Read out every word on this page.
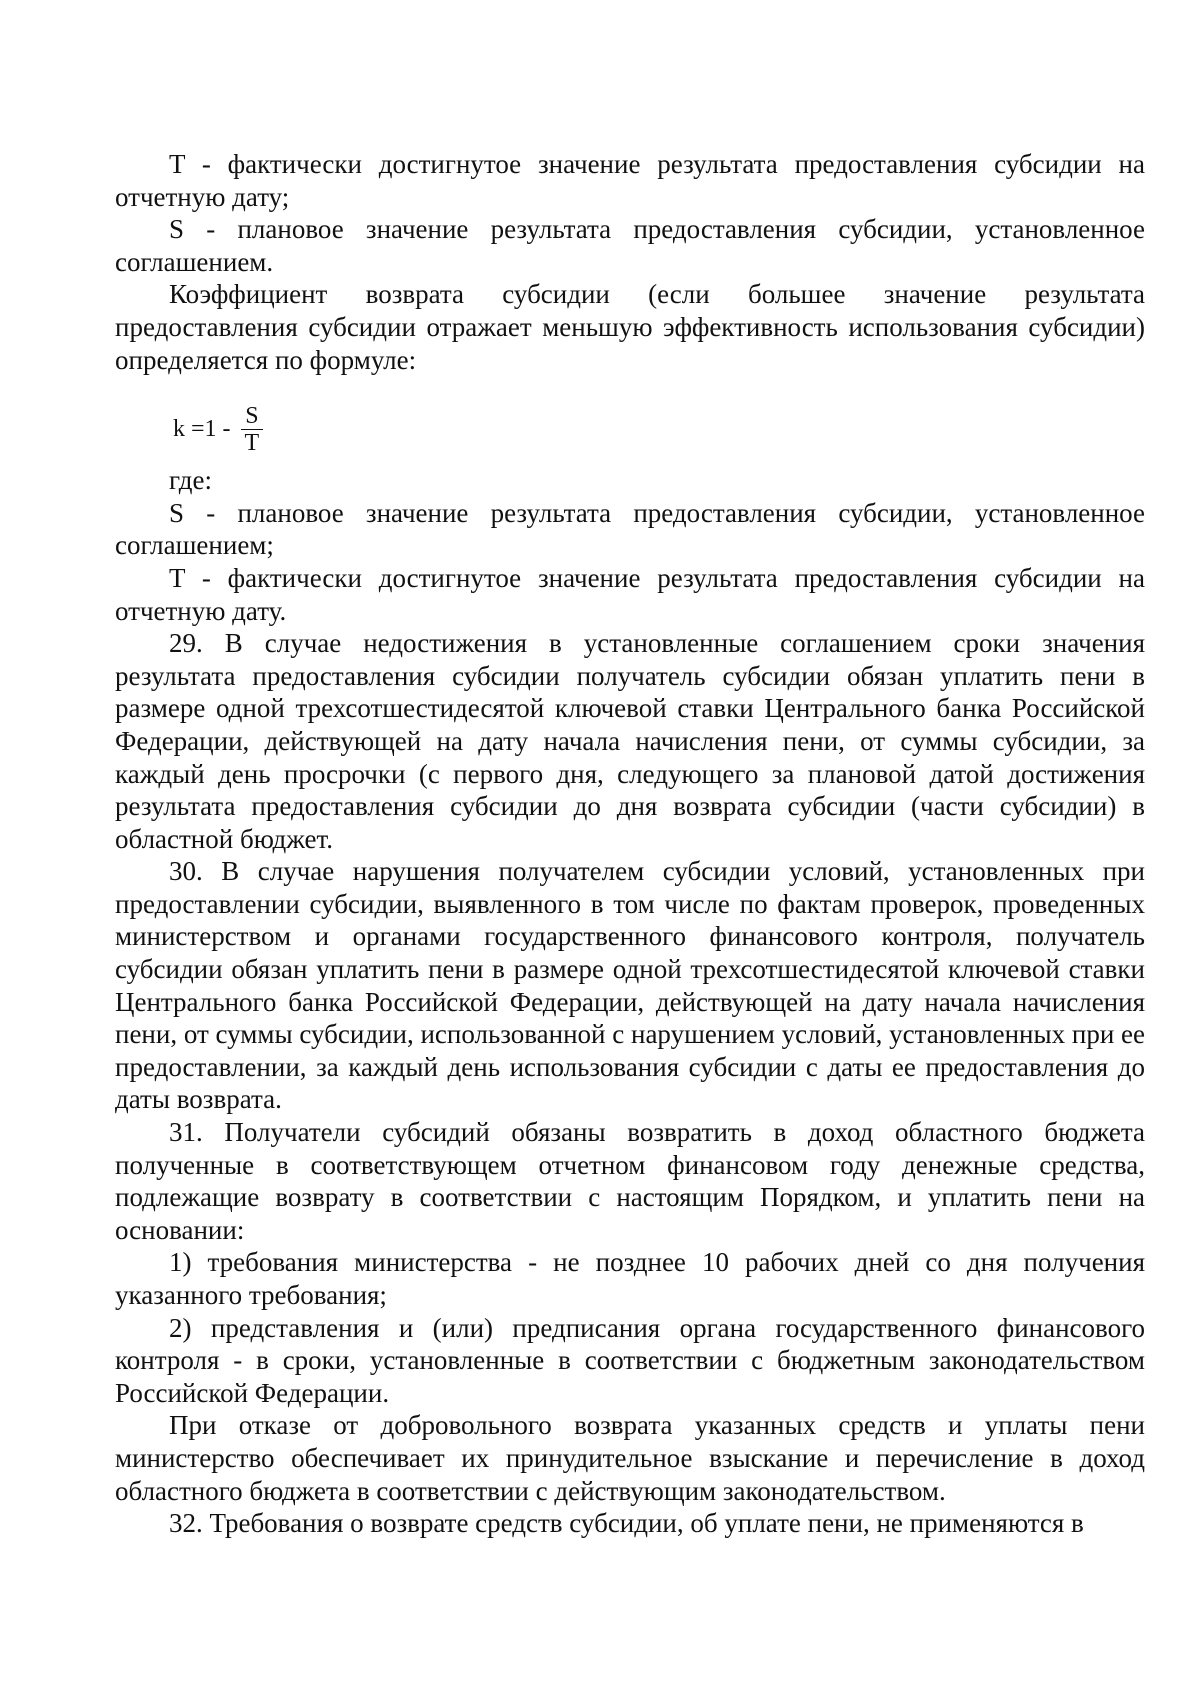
T - фактически достигнутое значение результата предоставления субсидии на отчетную дату;

S - плановое значение результата предоставления субсидии, установленное соглашением.

Коэффициент возврата субсидии (если большее значение результата предоставления субсидии отражает меньшую эффективность использования субсидии) определяется по формуле:

$k =1 - \frac{S}{T}$

где:

S - плановое значение результата предоставления субсидии, установленное соглашением;

T - фактически достигнутое значение результата предоставления субсидии на отчетную дату.

29. В случае недостижения в установленные соглашением сроки значения результата предоставления субсидии получатель субсидии обязан уплатить пени в размере одной трехсотшестидесятой ключевой ставки Центрального банка Российской Федерации, действующей на дату начала начисления пени, от суммы субсидии, за каждый день просрочки (с первого дня, следующего за плановой датой достижения результата предоставления субсидии до дня возврата субсидии (части субсидии) в областной бюджет.

30. В случае нарушения получателем субсидии условий, установленных при предоставлении субсидии, выявленного в том числе по фактам проверок, проведенных министерством и органами государственного финансового контроля, получатель субсидии обязан уплатить пени в размере одной трехсотшестидесятой ключевой ставки Центрального банка Российской Федерации, действующей на дату начала начисления пени, от суммы субсидии, использованной с нарушением условий, установленных при ее предоставлении, за каждый день использования субсидии с даты ее предоставления до даты возврата.

31. Получатели субсидий обязаны возвратить в доход областного бюджета полученные в соответствующем отчетном финансовом году денежные средства, подлежащие возврату в соответствии с настоящим Порядком, и уплатить пени на основании:

1) требования министерства - не позднее 10 рабочих дней со дня получения указанного требования;

2) представления и (или) предписания органа государственного финансового контроля - в сроки, установленные в соответствии с бюджетным законодательством Российской Федерации.

При отказе от добровольного возврата указанных средств и уплаты пени министерство обеспечивает их принудительное взыскание и перечисление в доход областного бюджета в соответствии с действующим законодательством.

32. Требования о возврате средств субсидии, об уплате пени, не применяются в
